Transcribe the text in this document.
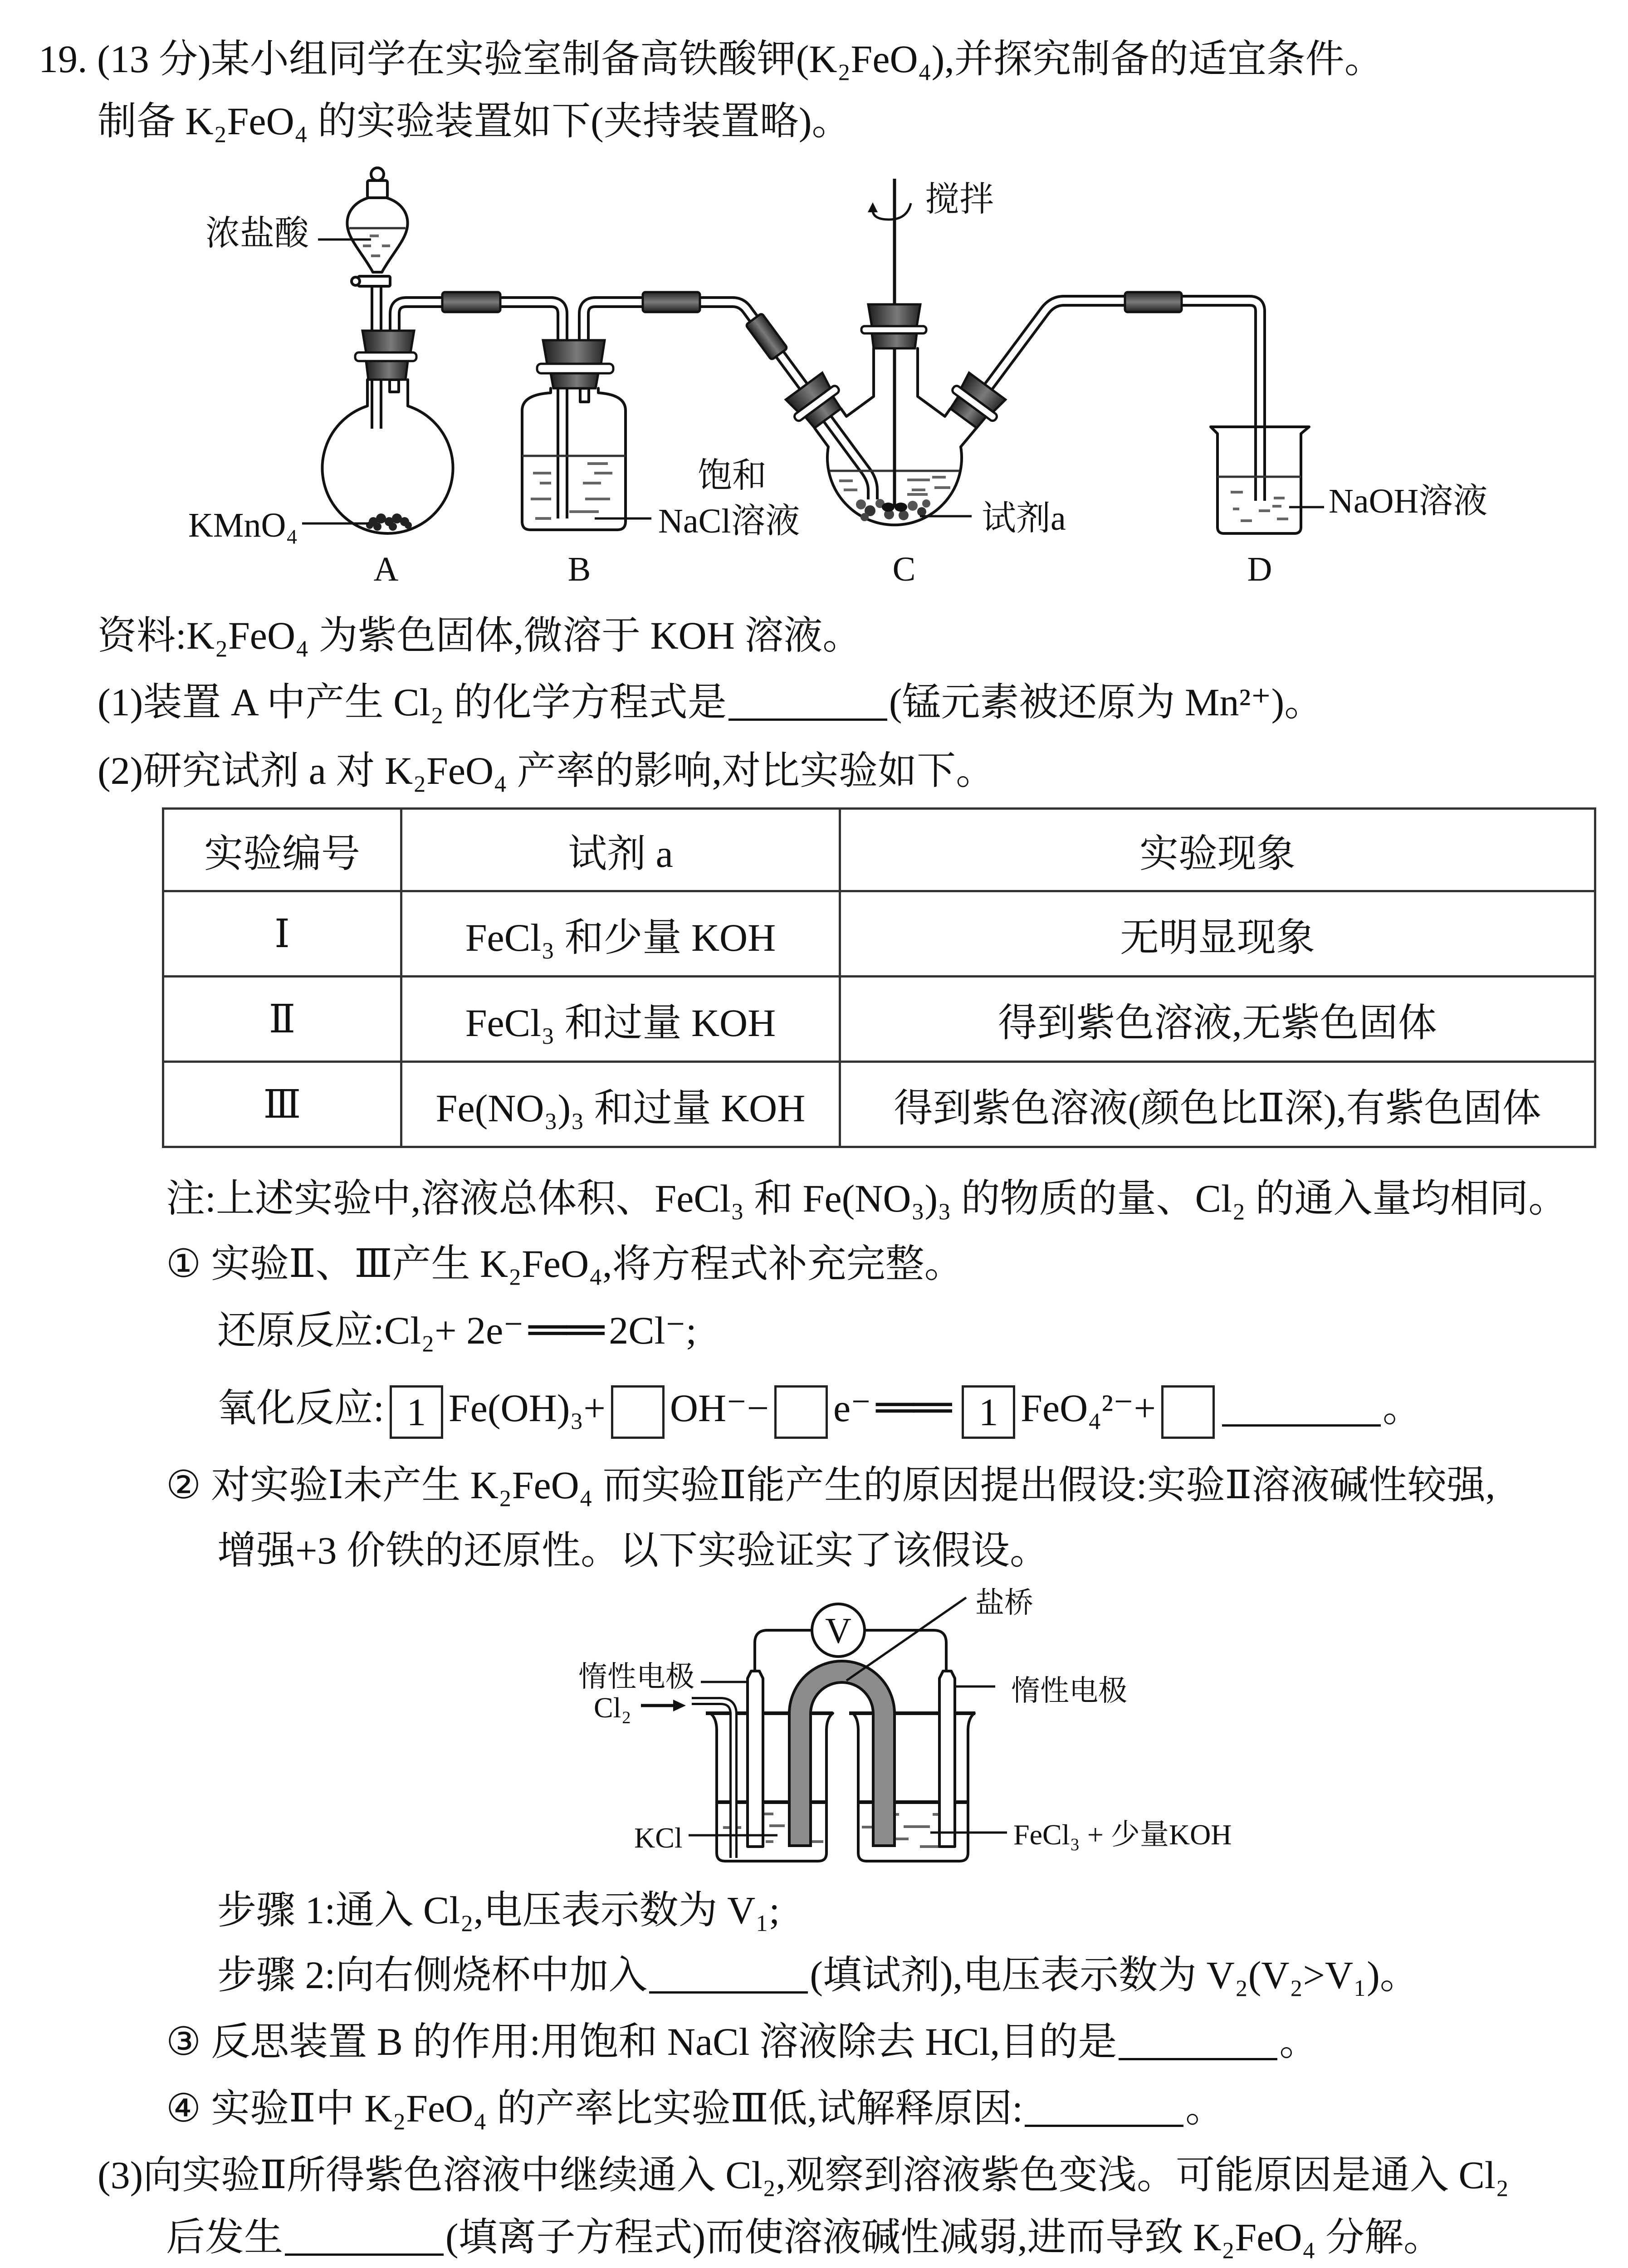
19. (13 分)某小组同学在实验室制备高铁酸钾(K₂FeO₄),并探究制备的适宜条件。
制备 K₂FeO₄ 的实验装置如下(夹持装置略)。
浓盐酸
KMnO₄
饱和
NaCl溶液
搅拌
试剂a	NaOH溶液
A	B	C	D
资料:K₂FeO₄ 为紫色固体,微溶于 KOH 溶液。
(1)装置 A 中产生 Cl₂ 的化学方程式是	(锰元素被还原为 Mn²⁺)。
(2)研究试剂 a 对 K₂FeO₄ 产率的影响,对比实验如下。
实验编号	试剂 a	实验现象
Ⅰ	FeCl₃ 和少量 KOH	无明显现象
Ⅱ	FeCl₃ 和过量 KOH	得到紫色溶液,无紫色固体
Ⅲ	Fe(NO₃)₃ 和过量 KOH	得到紫色溶液(颜色比Ⅱ深),有紫色固体
注:上述实验中,溶液总体积、FeCl₃ 和 Fe(NO₃)₃ 的物质的量、Cl₂ 的通入量均相同。
① 实验Ⅱ、Ⅲ产生 K₂FeO₄,将方程式补充完整。
还原反应:Cl₂+ 2e⁻ ══ 2Cl⁻;
氧化反应: 1 Fe(OH)₃+ OH⁻− e⁻ ══ 1 FeO₄²⁻+	。
② 对实验Ⅰ未产生 K₂FeO₄ 而实验Ⅱ能产生的原因提出假设:实验Ⅱ溶液碱性较强,
增强+3 价铁的还原性。以下实验证实了该假设。
V
盐桥
惰性电极
Cl₂
惰性电极
KCl	FeCl₃ + 少量KOH
步骤 1:通入 Cl₂,电压表示数为 V₁;
步骤 2:向右侧烧杯中加入	(填试剂),电压表示数为 V₂(V₂>V₁)。
③ 反思装置 B 的作用:用饱和 NaCl 溶液除去 HCl,目的是	。
④ 实验Ⅱ中 K₂FeO₄ 的产率比实验Ⅲ低,试解释原因:	。
(3)向实验Ⅱ所得紫色溶液中继续通入 Cl₂,观察到溶液紫色变浅。可能原因是通入 Cl₂
后发生	(填离子方程式)而使溶液碱性减弱,进而导致 K₂FeO₄ 分解。
